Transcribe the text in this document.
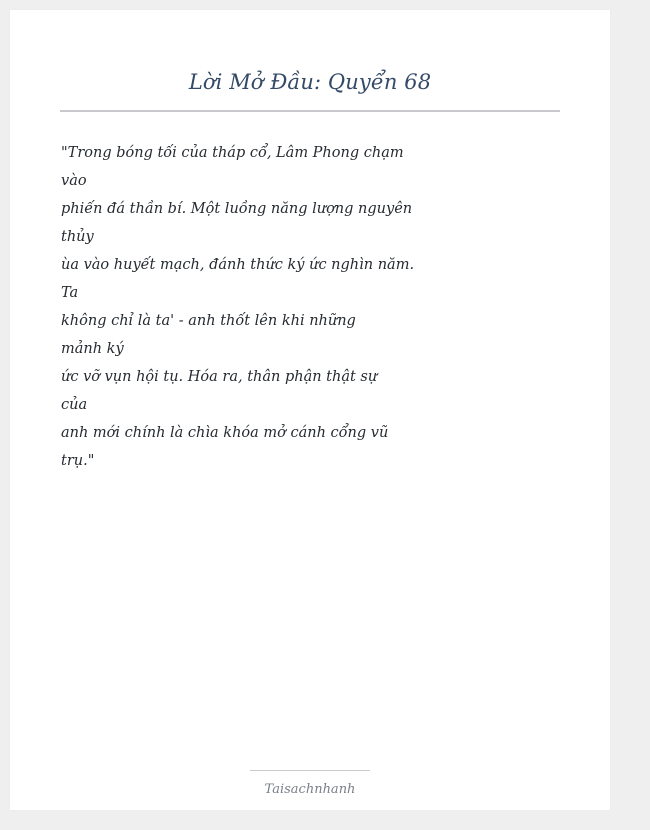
Lời Mở Đầu: Quyển 68

"Trong bóng tối của tháp cổ, Lâm Phong chạm
vào
phiến đá thần bí. Một luồng năng lượng nguyên
thủy
ùa vào huyết mạch, đánh thức ký ức nghìn năm.
Ta
không chỉ là ta' - anh thốt lên khi những
mảnh ký
ức vỡ vụn hội tụ. Hóa ra, thân phận thật sự
của
anh mới chính là chìa khóa mở cánh cổng vũ
trụ."

Taisachnhanh
